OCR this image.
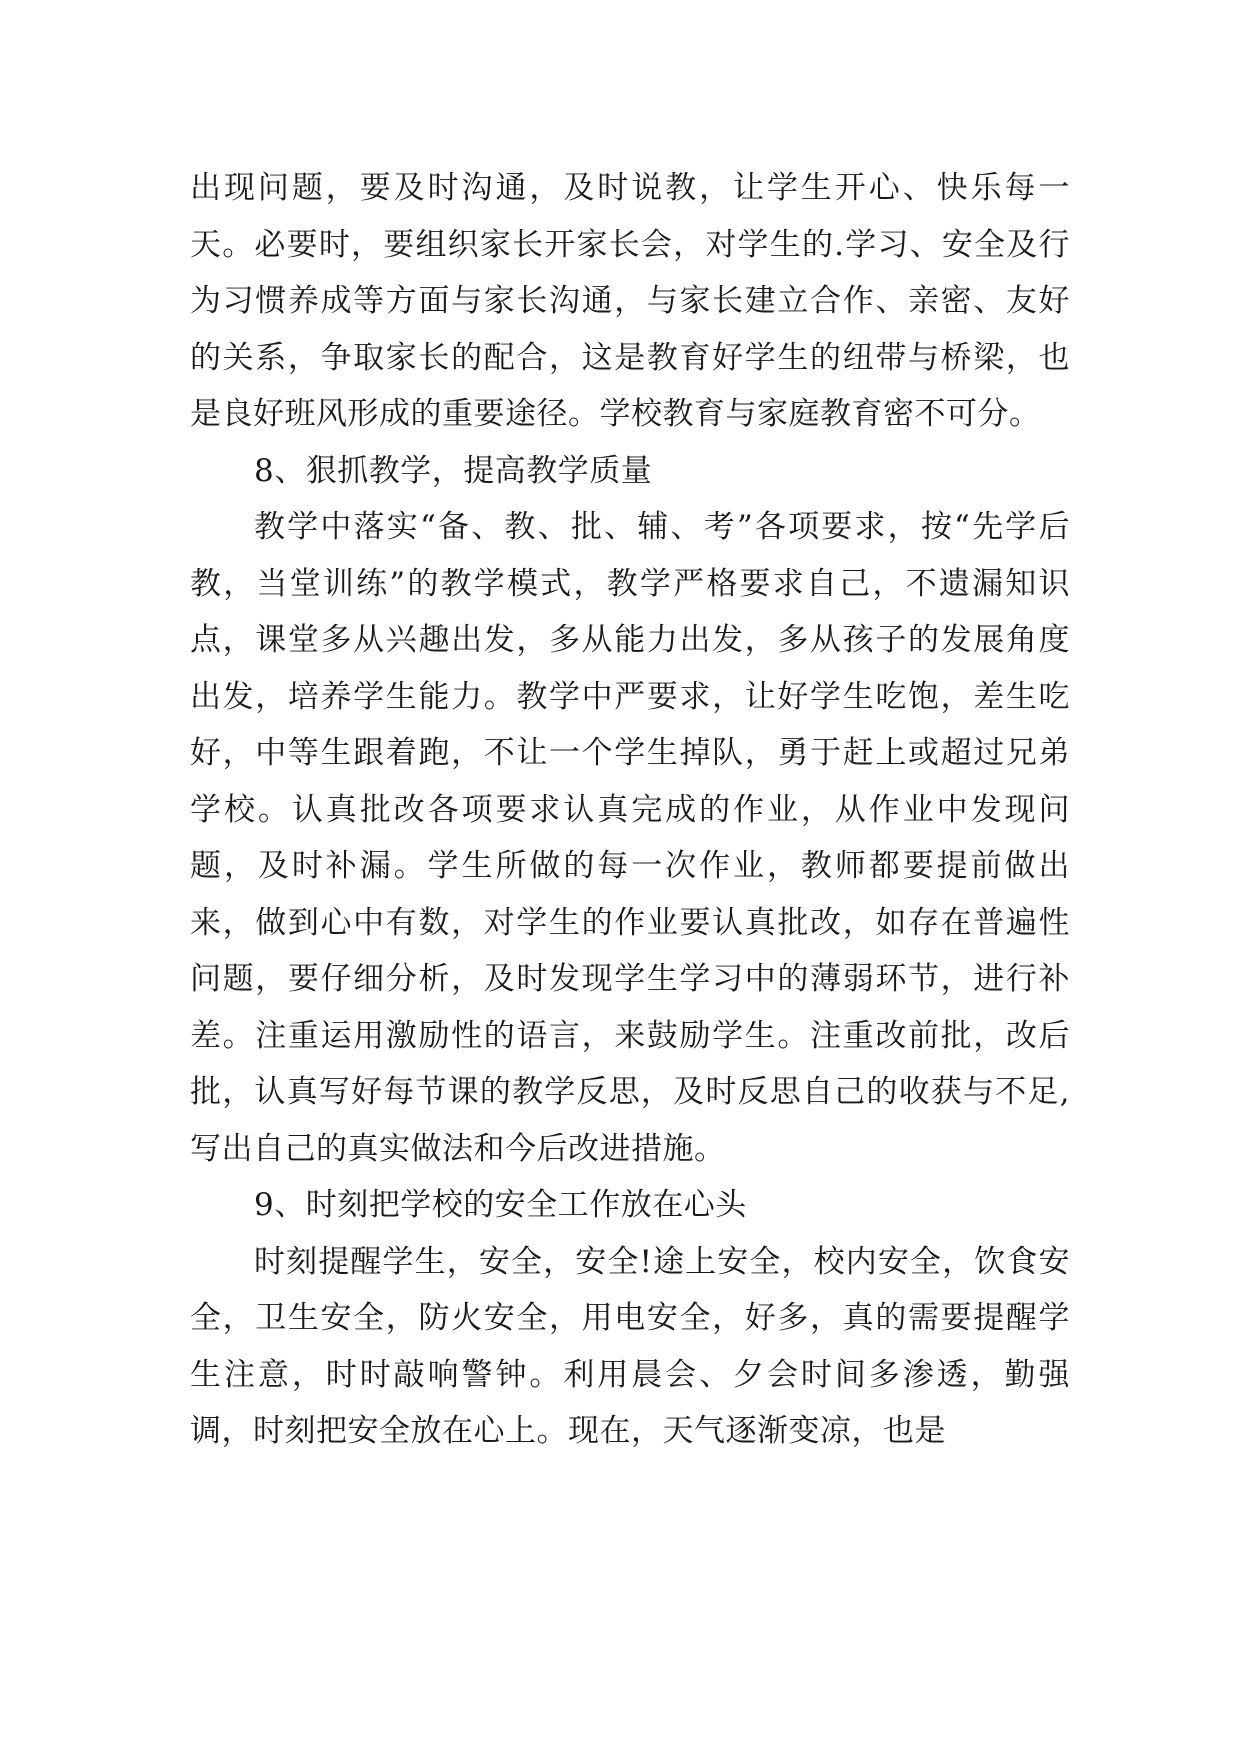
出现问题，要及时沟通，及时说教，让学生开心、快乐每一天。必要时，要组织家长开家长会，对学生的.学习、安全及行为习惯养成等方面与家长沟通，与家长建立合作、亲密、友好的关系，争取家长的配合，这是教育好学生的纽带与桥梁，也是良好班风形成的重要途径。学校教育与家庭教育密不可分。

8、狠抓教学，提高教学质量

教学中落实“备、教、批、辅、考”各项要求，按“先学后教，当堂训练”的教学模式，教学严格要求自己，不遗漏知识点，课堂多从兴趣出发，多从能力出发，多从孩子的发展角度出发，培养学生能力。教学中严要求，让好学生吃饱，差生吃好，中等生跟着跑，不让一个学生掉队，勇于赶上或超过兄弟学校。认真批改各项要求认真完成的作业，从作业中发现问题，及时补漏。学生所做的每一次作业，教师都要提前做出来，做到心中有数，对学生的作业要认真批改，如存在普遍性问题，要仔细分析，及时发现学生学习中的薄弱环节，进行补差。注重运用激励性的语言，来鼓励学生。注重改前批，改后批，认真写好每节课的教学反思，及时反思自己的收获与不足,写出自己的真实做法和今后改进措施。

9、时刻把学校的安全工作放在心头

时刻提醒学生，安全，安全!途上安全，校内安全，饮食安全，卫生安全，防火安全，用电安全，好多，真的需要提醒学生注意，时时敲响警钟。利用晨会、夕会时间多渗透，勤强调，时刻把安全放在心上。现在，天气逐渐变凉，也是
